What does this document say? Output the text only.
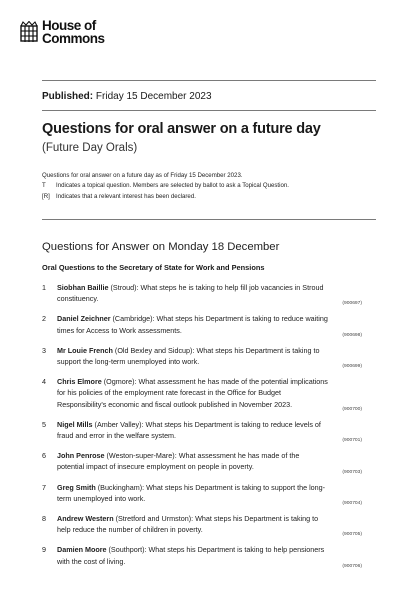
House of
Commons
Published: Friday 15 December 2023
Questions for oral answer on a future day
(Future Day Orals)
Questions for oral answer on a future day as of Friday 15 December 2023.
T	Indicates a topical question. Members are selected by ballot to ask a Topical Question.
[R]	Indicates that a relevant interest has been declared.
Questions for Answer on Monday 18 December
Oral Questions to the Secretary of State for Work and Pensions
1	Siobhan Baillie (Stroud): What steps he is taking to help fill job vacancies in Stroud constituency.
(900697)
2	Daniel Zeichner (Cambridge): What steps his Department is taking to reduce waiting times for Access to Work assessments.
(900698)
3	Mr Louie French (Old Bexley and Sidcup): What steps his Department is taking to support the long-term unemployed into work.
(900699)
4	Chris Elmore (Ogmore): What assessment he has made of the potential implications for his policies of the employment rate forecast in the Office for Budget Responsibility's economic and fiscal outlook published in November 2023.
(900700)
5	Nigel Mills (Amber Valley): What steps his Department is taking to reduce levels of fraud and error in the welfare system.
(900701)
6	John Penrose (Weston-super-Mare): What assessment he has made of the potential impact of insecure employment on people in poverty.
(900703)
7	Greg Smith (Buckingham): What steps his Department is taking to support the long-term unemployed into work.
(900704)
8	Andrew Western (Stretford and Urmston): What steps his Department is taking to help reduce the number of children in poverty.
(900705)
9	Damien Moore (Southport): What steps his Department is taking to help pensioners with the cost of living.
(900706)
